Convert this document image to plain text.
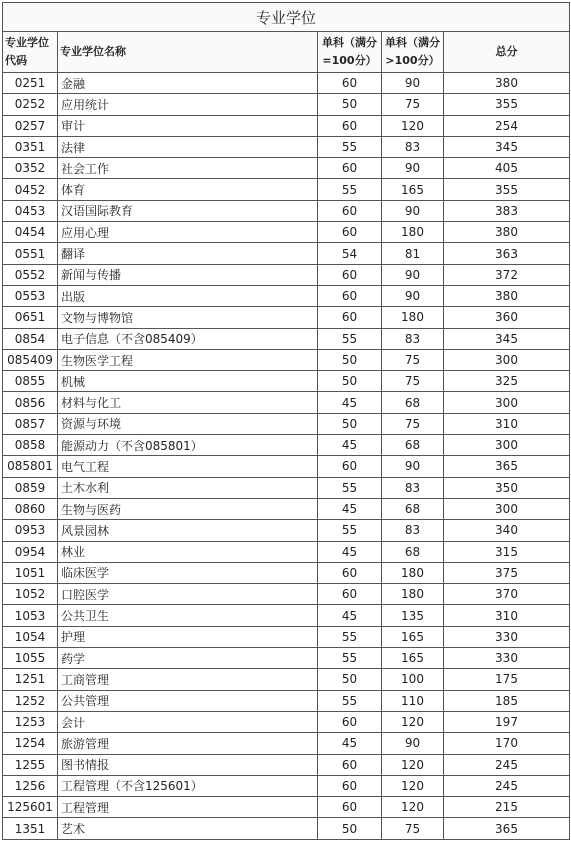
专业学位				
专业学位代码	专业学位名称	单科（满分=100分）	单科（满分>100分）	总分
0251	金融	60	90	380
0252	应用统计	50	75	355
0257	审计	60	120	254
0351	法律	55	83	345
0352	社会工作	60	90	405
0452	体育	55	165	355
0453	汉语国际教育	60	90	383
0454	应用心理	60	180	380
0551	翻译	54	81	363
0552	新闻与传播	60	90	372
0553	出版	60	90	380
0651	文物与博物馆	60	180	360
0854	电子信息（不含085409）	55	83	345
085409	生物医学工程	50	75	300
0855	机械	50	75	325
0856	材料与化工	45	68	300
0857	资源与环境	50	75	310
0858	能源动力（不含085801）	45	68	300
085801	电气工程	60	90	365
0859	土木水利	55	83	350
0860	生物与医药	45	68	300
0953	风景园林	55	83	340
0954	林业	45	68	315
1051	临床医学	60	180	375
1052	口腔医学	60	180	370
1053	公共卫生	45	135	310
1054	护理	55	165	330
1055	药学	55	165	330
1251	工商管理	50	100	175
1252	公共管理	55	110	185
1253	会计	60	120	197
1254	旅游管理	45	90	170
1255	图书情报	60	120	245
1256	工程管理（不含125601）	60	120	245
125601	工程管理	60	120	215
1351	艺术	50	75	365
